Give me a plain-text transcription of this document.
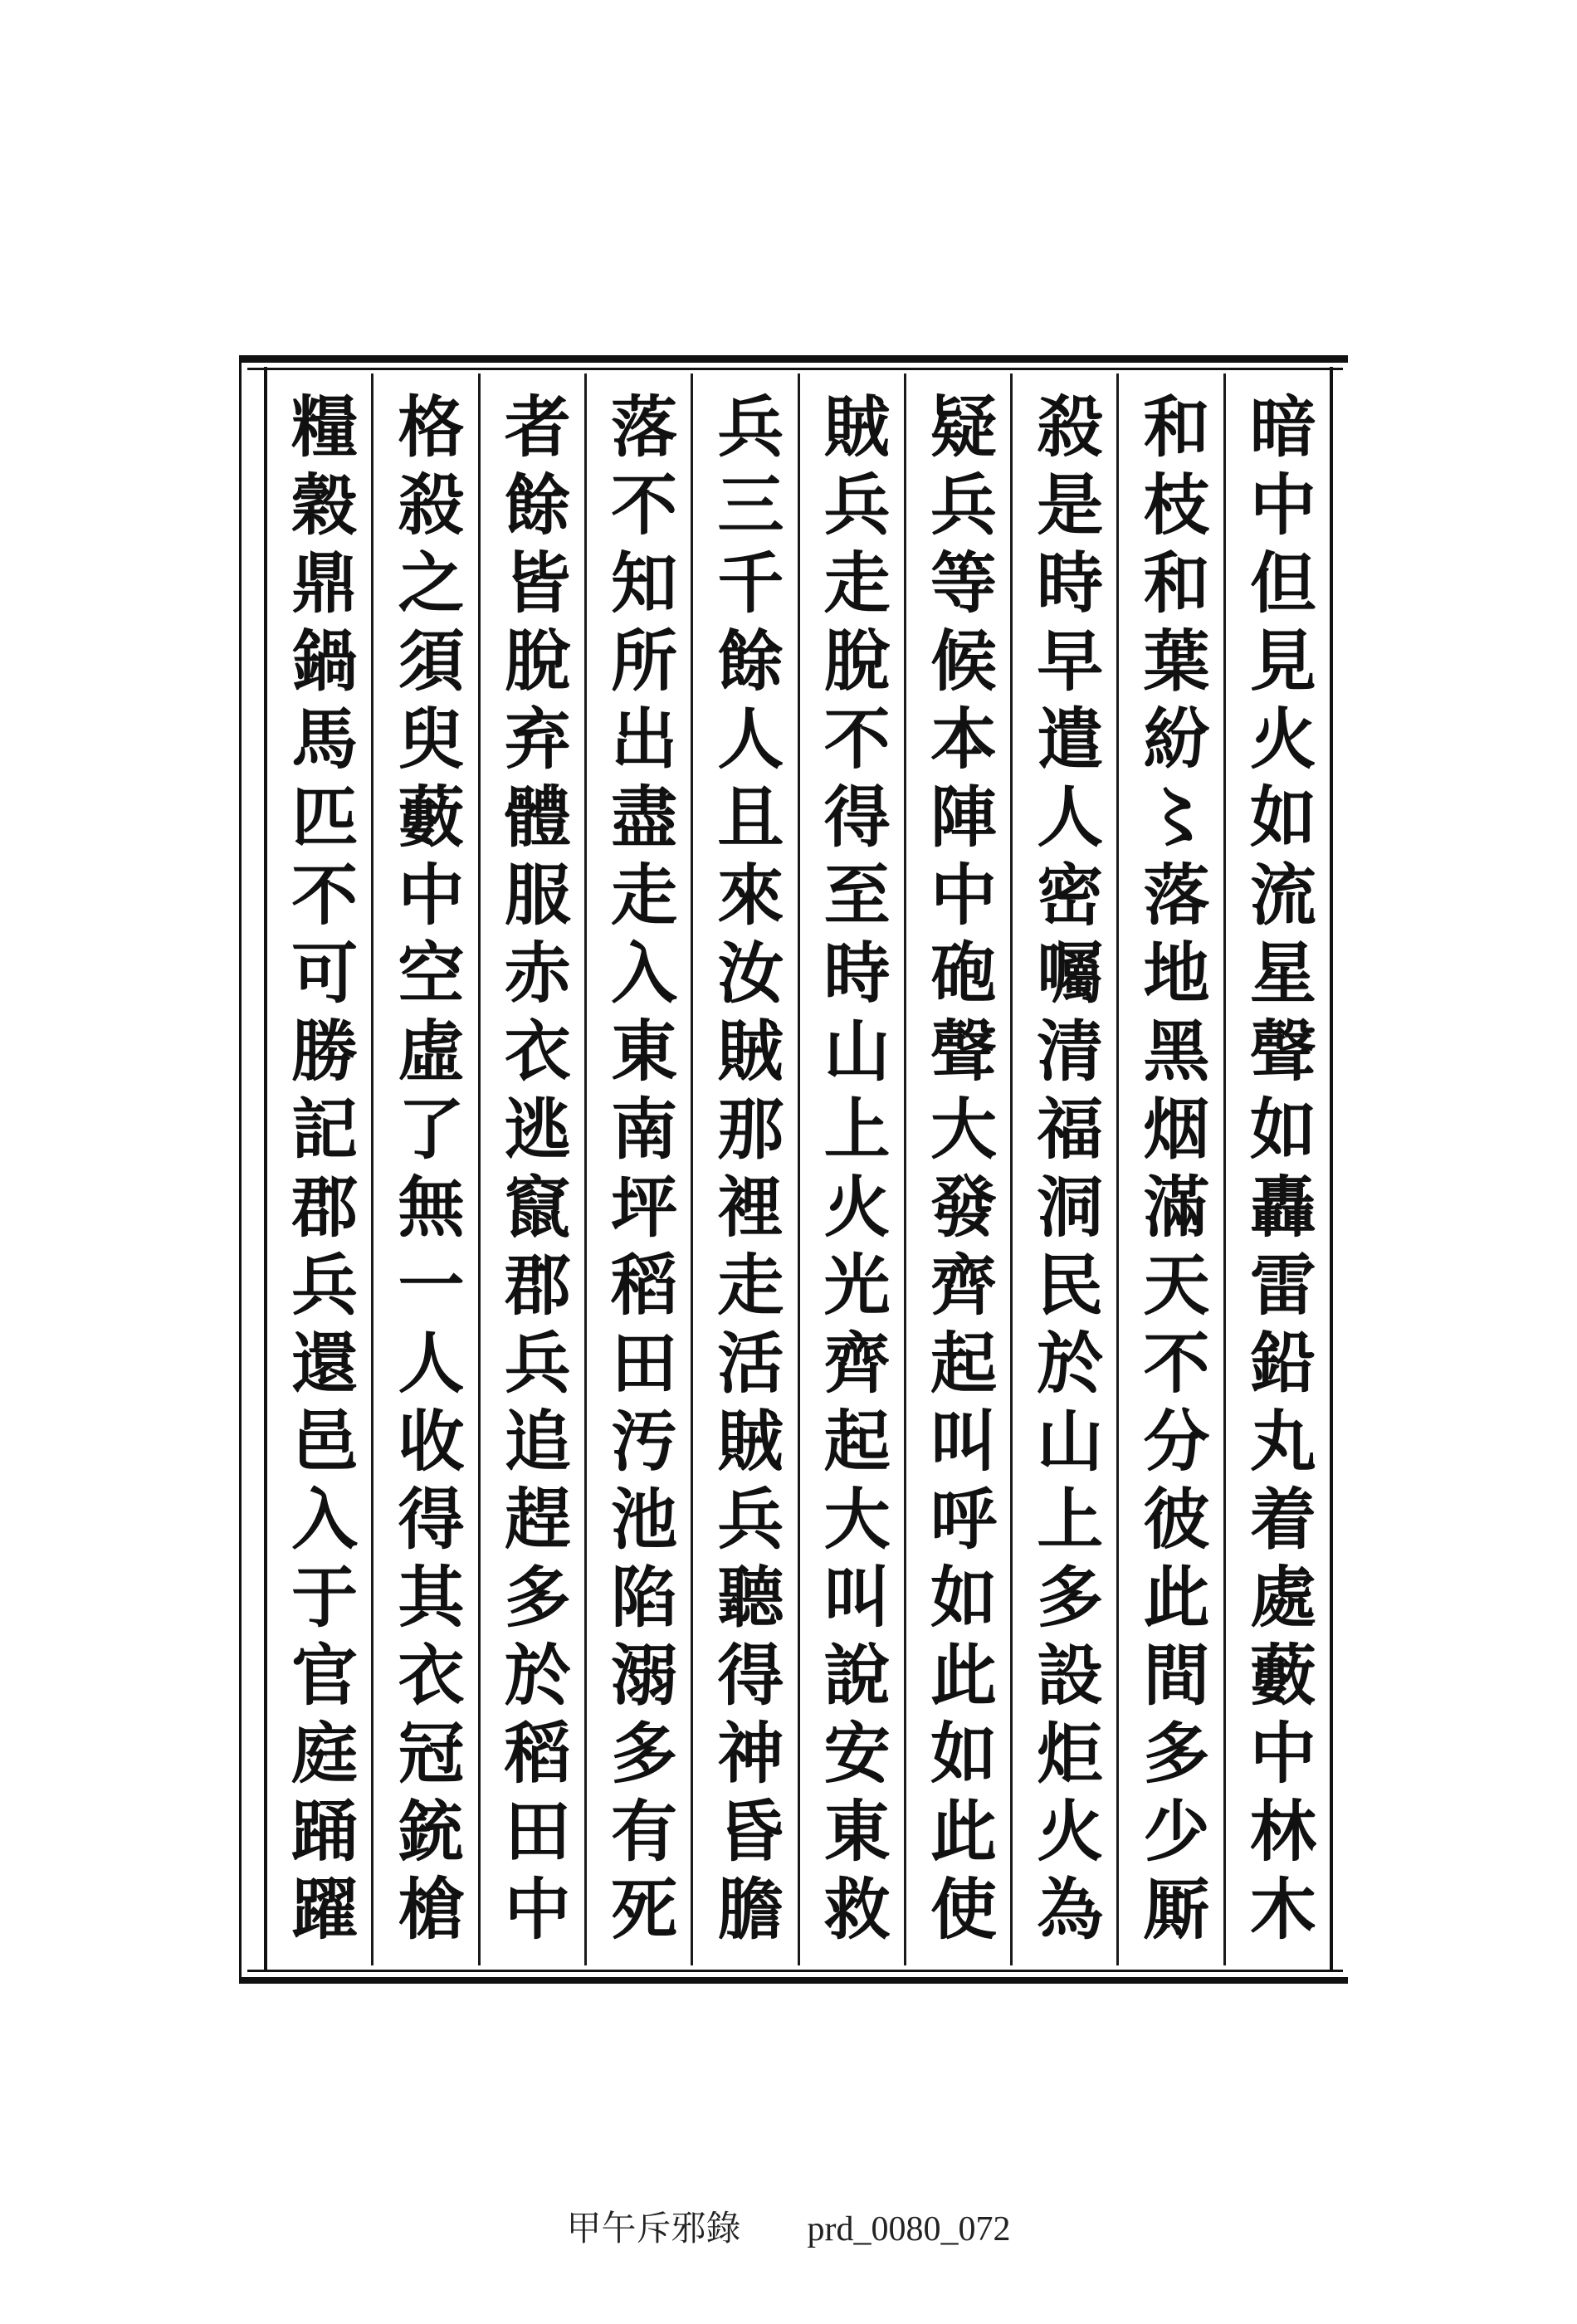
暗中但見火如流星聲如轟雷鉛丸着處藪中林木
和枝和葉紛〻落地黑烟滿天不分彼此間多少厮
殺是時早遣人密囑清福洞民於山上多設炬火為
疑兵等候本陣中砲聲大發齊起叫呼如此如此使
賊兵走脫不得至時山上火光齊起大叫說安東救
兵三千餘人且來汝賊那裡走活賊兵聽得神昏膽
落不知所出盡走入東南坪稻田汚池陷溺多有死
者餘皆脫弃體服赤衣逃竄郡兵追趕多於稻田中
格殺之須臾藪中空虛了無一人收得其衣冠銃槍
糧穀鼎鍋馬匹不可勝記郡兵還邑入于官庭踊躍
甲午斥邪錄 prd_0080_072
